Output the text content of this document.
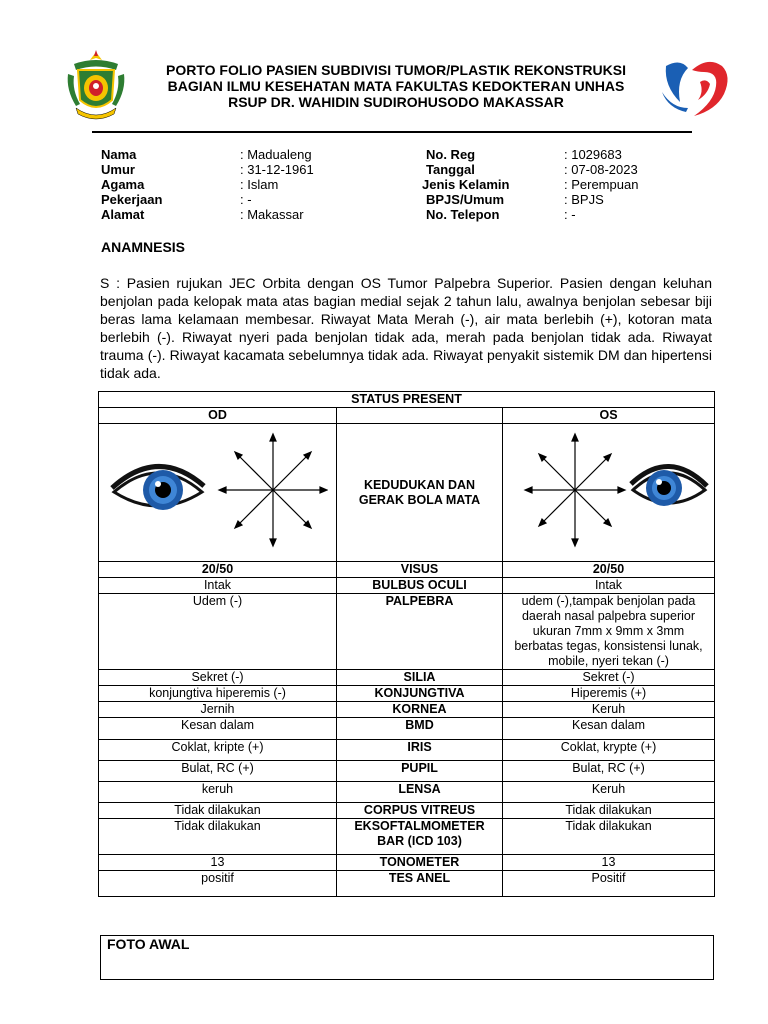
PORTO FOLIO PASIEN SUBDIVISI TUMOR/PLASTIK REKONSTRUKSI
BAGIAN ILMU KESEHATAN MATA FAKULTAS KEDOKTERAN UNHAS
RSUP DR. WAHIDIN SUDIROHUSODO MAKASSAR
Nama	: Madualeng
Umur	: 31-12-1961
Agama	: Islam
Pekerjaan	: -
Alamat	: Makassar
No. Reg	: 1029683
Tanggal	: 07-08-2023
Jenis Kelamin	: Perempuan
BPJS/Umum	: BPJS
No. Telepon	: -
ANAMNESIS
S : Pasien rujukan JEC Orbita dengan OS Tumor Palpebra Superior. Pasien dengan keluhan benjolan pada kelopak mata atas bagian medial sejak 2 tahun lalu, awalnya benjolan sebesar biji beras lama kelamaan membesar. Riwayat Mata Merah (-), air mata berlebih (+), kotoran mata berlebih (-). Riwayat nyeri pada benjolan tidak ada, merah pada benjolan tidak ada. Riwayat trauma (-). Riwayat kacamata sebelumnya tidak ada. Riwayat penyakit sistemik DM dan hipertensi tidak ada.
STATUS PRESENT		
OD		OS
	KEDUDUKAN DAN GERAK BOLA MATA	
20/50	VISUS	20/50
Intak	BULBUS OCULI	Intak
Udem (-)	PALPEBRA	udem (-),tampak benjolan pada daerah nasal palpebra superior ukuran 7mm x 9mm x 3mm berbatas tegas, konsistensi lunak, mobile, nyeri tekan (-)
Sekret (-)	SILIA	Sekret (-)
konjungtiva hiperemis (-)	KONJUNGTIVA	Hiperemis (+)
Jernih	KORNEA	Keruh
Kesan dalam	BMD	Kesan dalam
Coklat, kripte (+)	IRIS	Coklat, krypte (+)
Bulat, RC (+)	PUPIL	Bulat, RC (+)
keruh	LENSA	Keruh
Tidak dilakukan	CORPUS VITREUS	Tidak dilakukan
Tidak dilakukan	EKSOFTALMOMETER BAR (ICD 103)	Tidak dilakukan
13	TONOMETER	13
positif	TES ANEL	Positif
FOTO AWAL
